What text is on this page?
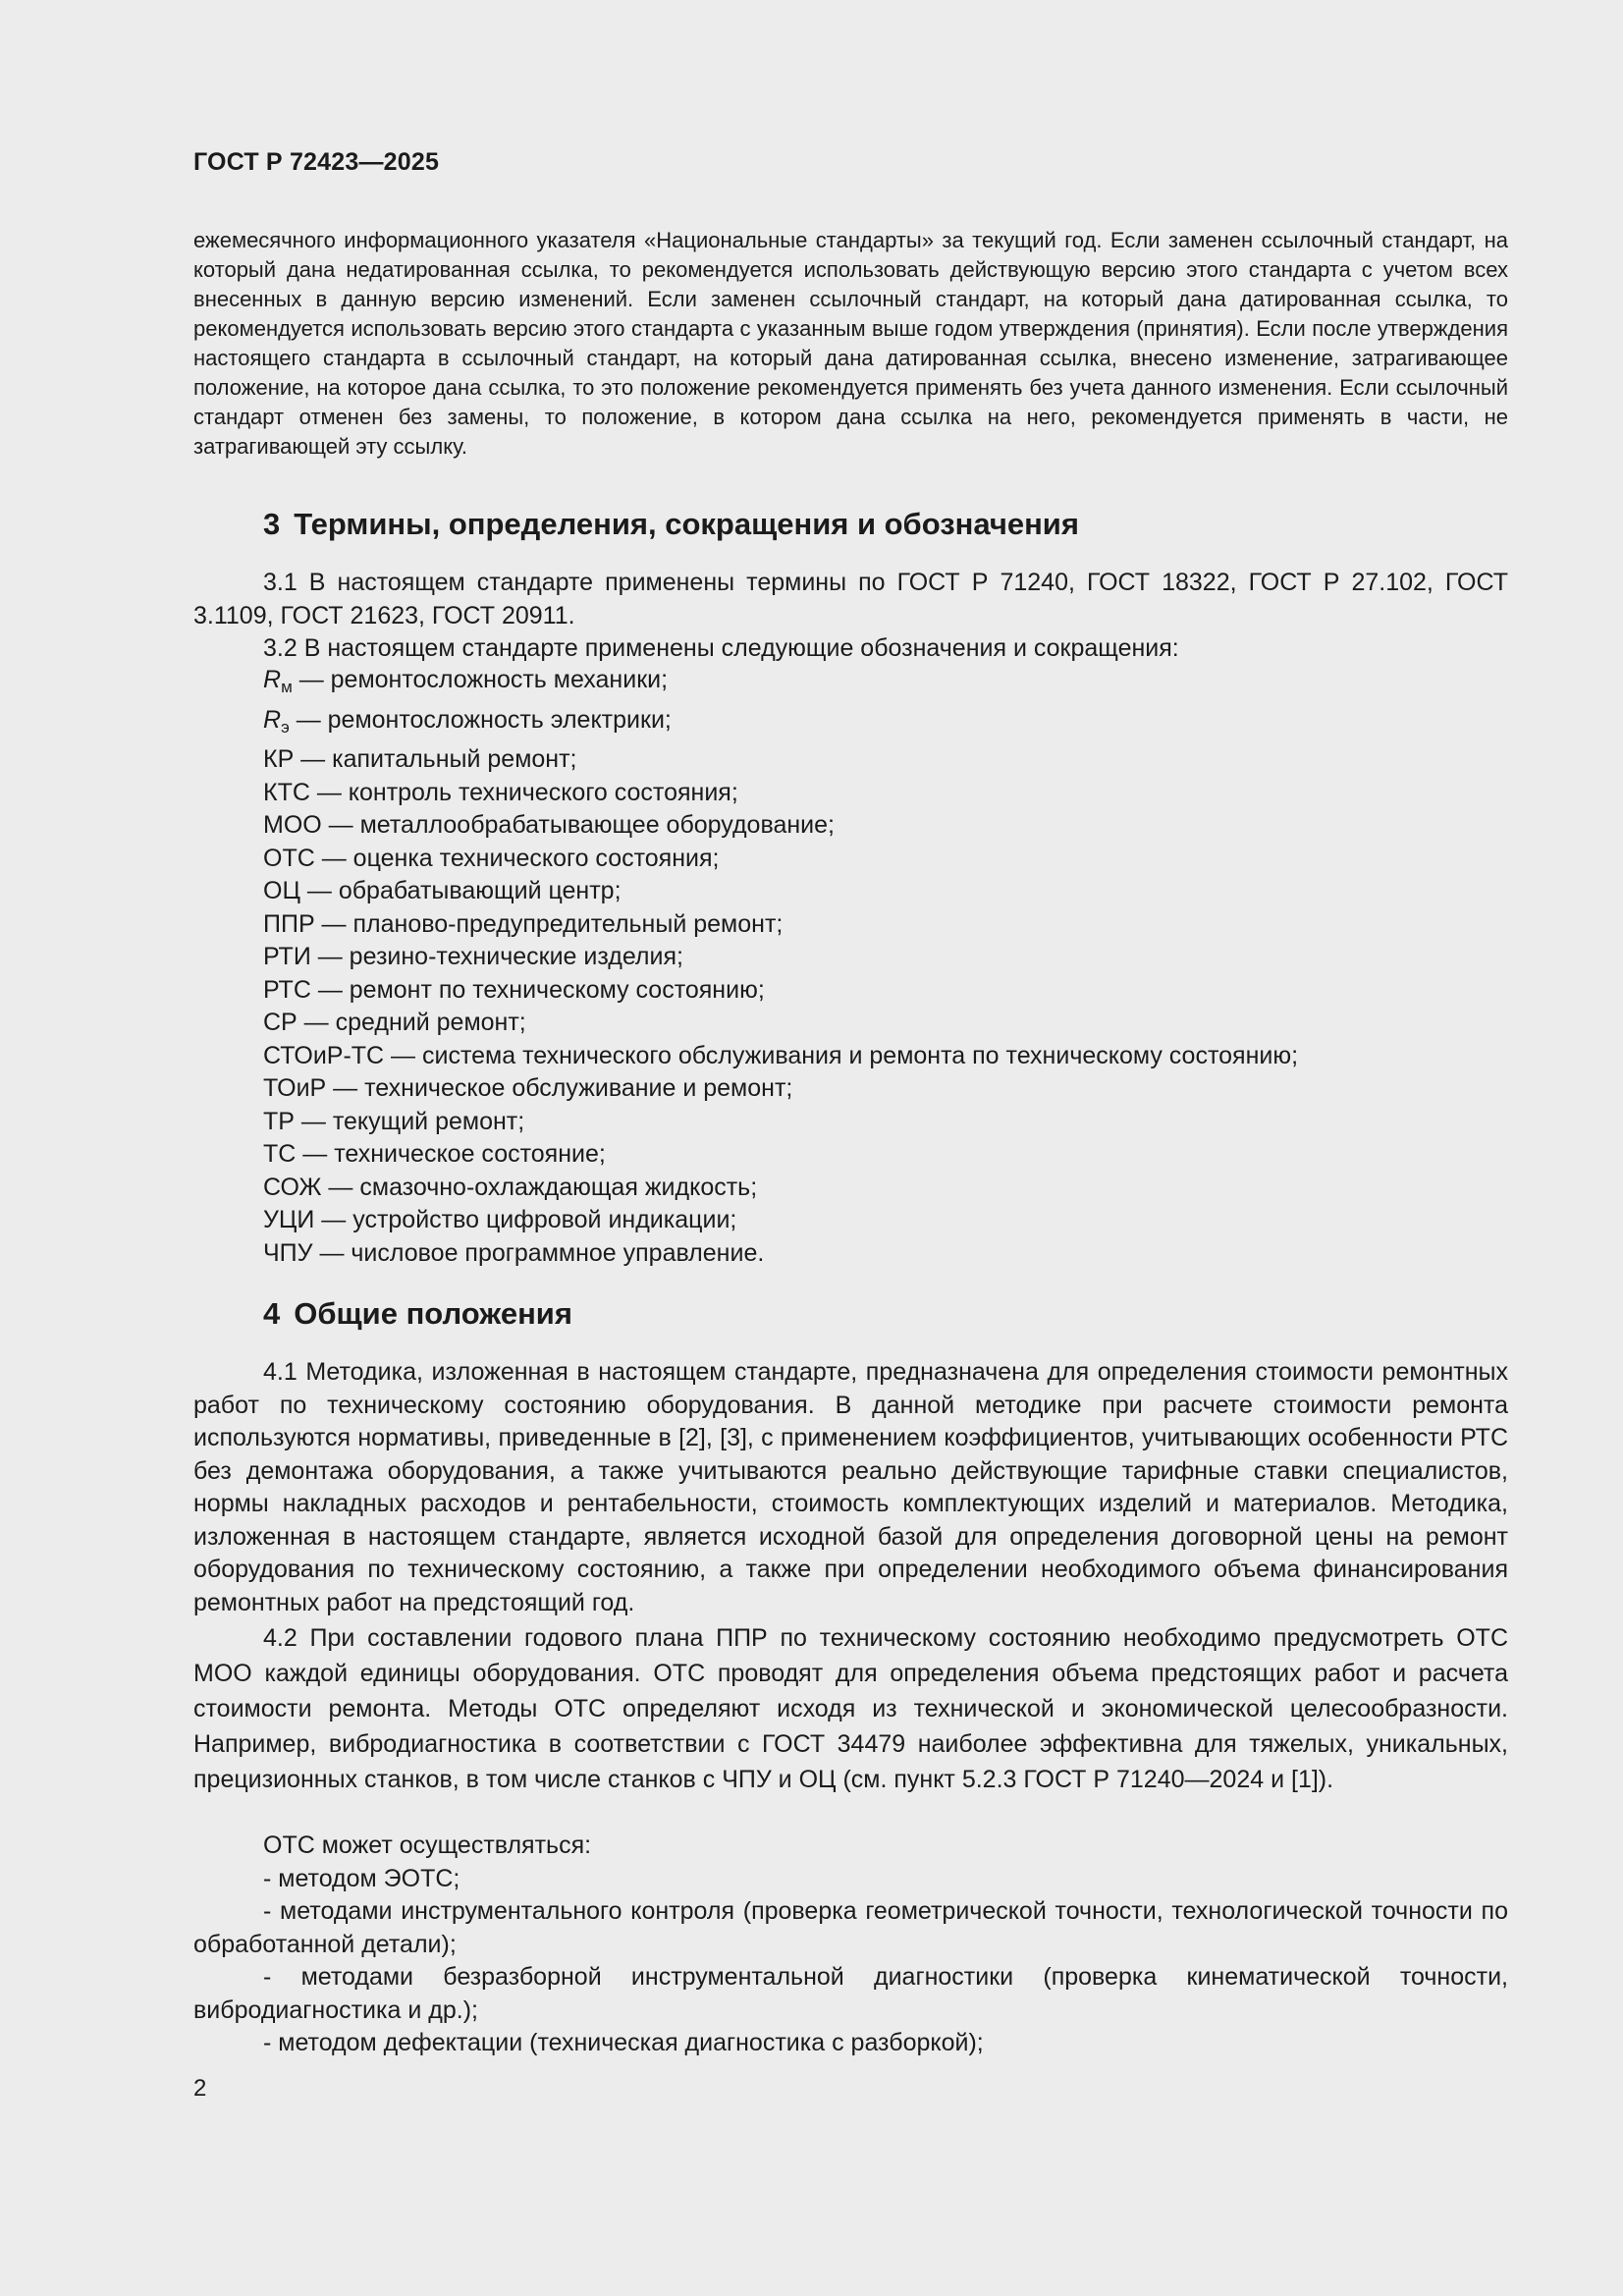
ГОСТ Р 72423—2025
ежемесячного информационного указателя «Национальные стандарты» за текущий год. Если заменен ссылочный стандарт, на который дана недатированная ссылка, то рекомендуется использовать действующую версию этого стандарта с учетом всех внесенных в данную версию изменений. Если заменен ссылочный стандарт, на который дана датированная ссылка, то рекомендуется использовать версию этого стандарта с указанным выше годом утверждения (принятия). Если после утверждения настоящего стандарта в ссылочный стандарт, на который дана датированная ссылка, внесено изменение, затрагивающее положение, на которое дана ссылка, то это положение рекомендуется применять без учета данного изменения. Если ссылочный стандарт отменен без замены, то положение, в котором дана ссылка на него, рекомендуется применять в части, не затрагивающей эту ссылку.
3 Термины, определения, сокращения и обозначения

3.1 В настоящем стандарте применены термины по ГОСТ Р 71240, ГОСТ 18322, ГОСТ Р 27.102, ГОСТ 3.1109, ГОСТ 21623, ГОСТ 20911.

3.2 В настоящем стандарте применены следующие обозначения и сокращения:

$R_м$ — ремонтосложность механики;
$R_э$ — ремонтосложность электрики;
КР — капитальный ремонт;
КТС — контроль технического состояния;
МОО — металлообрабатывающее оборудование;
ОТС — оценка технического состояния;
ОЦ — обрабатывающий центр;
ППР — планово-предупредительный ремонт;
РТИ — резино-технические изделия;
РТС — ремонт по техническому состоянию;
СР — средний ремонт;
СТОиР-ТС — система технического обслуживания и ремонта по техническому состоянию;
ТОиР — техническое обслуживание и ремонт;
ТР — текущий ремонт;
ТС — техническое состояние;
СОЖ — смазочно-охлаждающая жидкость;
УЦИ — устройство цифровой индикации;
ЧПУ — числовое программное управление.
4 Общие положения

4.1 Методика, изложенная в настоящем стандарте, предназначена для определения стоимости ремонтных работ по техническому состоянию оборудования. В данной методике при расчете стоимости ремонта используются нормативы, приведенные в [2], [3], с применением коэффициентов, учитывающих особенности РТС без демонтажа оборудования, а также учитываются реально действующие тарифные ставки специалистов, нормы накладных расходов и рентабельности, стоимость комплектующих изделий и материалов. Методика, изложенная в настоящем стандарте, является исходной базой для определения договорной цены на ремонт оборудования по техническому состоянию, а также при определении необходимого объема финансирования ремонтных работ на предстоящий год.

4.2 При составлении годового плана ППР по техническому состоянию необходимо предусмотреть ОТС МОО каждой единицы оборудования. ОТС проводят для определения объема предстоящих работ и расчета стоимости ремонта. Методы ОТС определяют исходя из технической и экономической целесообразности. Например, вибродиагностика в соответствии с ГОСТ 34479 наиболее эффективна для тяжелых, уникальных, прецизионных станков, в том числе станков с ЧПУ и ОЦ (см. пункт 5.2.3 ГОСТ Р 71240—2024 и [1]).

ОТС может осуществляться:

- методом ЭОТС;

- методами инструментального контроля (проверка геометрической точности, технологической точности по обработанной детали);

- методами безразборной инструментальной диагностики (проверка кинематической точности, вибродиагностика и др.);

- методом дефектации (техническая диагностика с разборкой);

2
